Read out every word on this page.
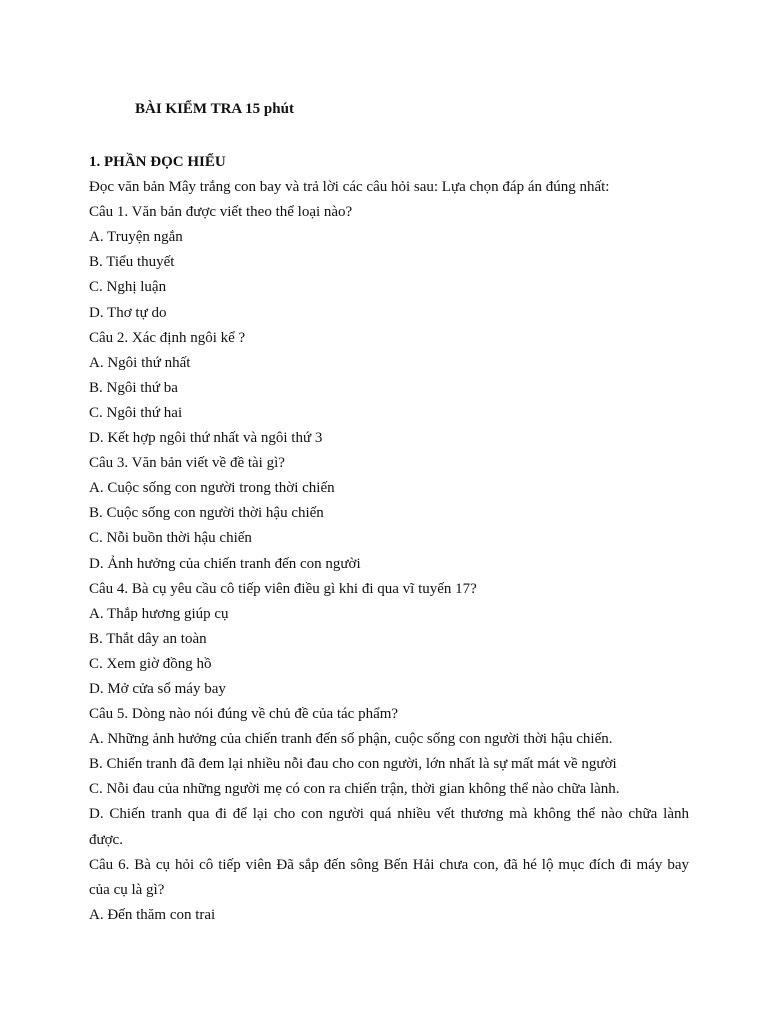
BÀI KIỂM TRA 15 phút
1. PHẦN ĐỌC HIỂU
Đọc văn bản Mây trắng con bay và trả lời các câu hỏi sau: Lựa chọn đáp án đúng nhất:
Câu 1. Văn bản được viết theo thể loại nào?
A. Truyện ngắn
B. Tiểu thuyết
C. Nghị luận
D. Thơ tự do
Câu 2. Xác định ngôi kể ?
A. Ngôi thứ nhất
B. Ngôi thứ ba
C. Ngôi thứ hai
D. Kết hợp ngôi thứ nhất và ngôi thứ 3
Câu 3. Văn bản viết về đề tài gì?
A. Cuộc sống con người trong thời chiến
B. Cuộc sống con người thời hậu chiến
C. Nỗi buồn thời hậu chiến
D. Ảnh hưởng của chiến tranh đến con người
Câu 4. Bà cụ yêu cầu cô tiếp viên điều gì khi đi qua vĩ tuyến 17?
A. Thắp hương giúp cụ
B. Thắt dây an toàn
C. Xem giờ đồng hồ
D. Mở cửa sổ máy bay
Câu 5. Dòng nào nói đúng về chủ đề của tác phẩm?
A. Những ảnh hưởng của chiến tranh đến số phận, cuộc sống con người thời hậu chiến.
B. Chiến tranh đã đem lại nhiều nỗi đau cho con người, lớn nhất là sự mất mát về người
C. Nỗi đau của những người mẹ có con ra chiến trận, thời gian không thể nào chữa lành.
D. Chiến tranh qua đi để lại cho con người quá nhiều vết thương mà không thể nào chữa lành
được.
Câu 6. Bà cụ hỏi cô tiếp viên Đã sắp đến sông Bến Hải chưa con, đã hé lộ mục đích đi máy bay
của cụ là gì?
A. Đến thăm con trai
